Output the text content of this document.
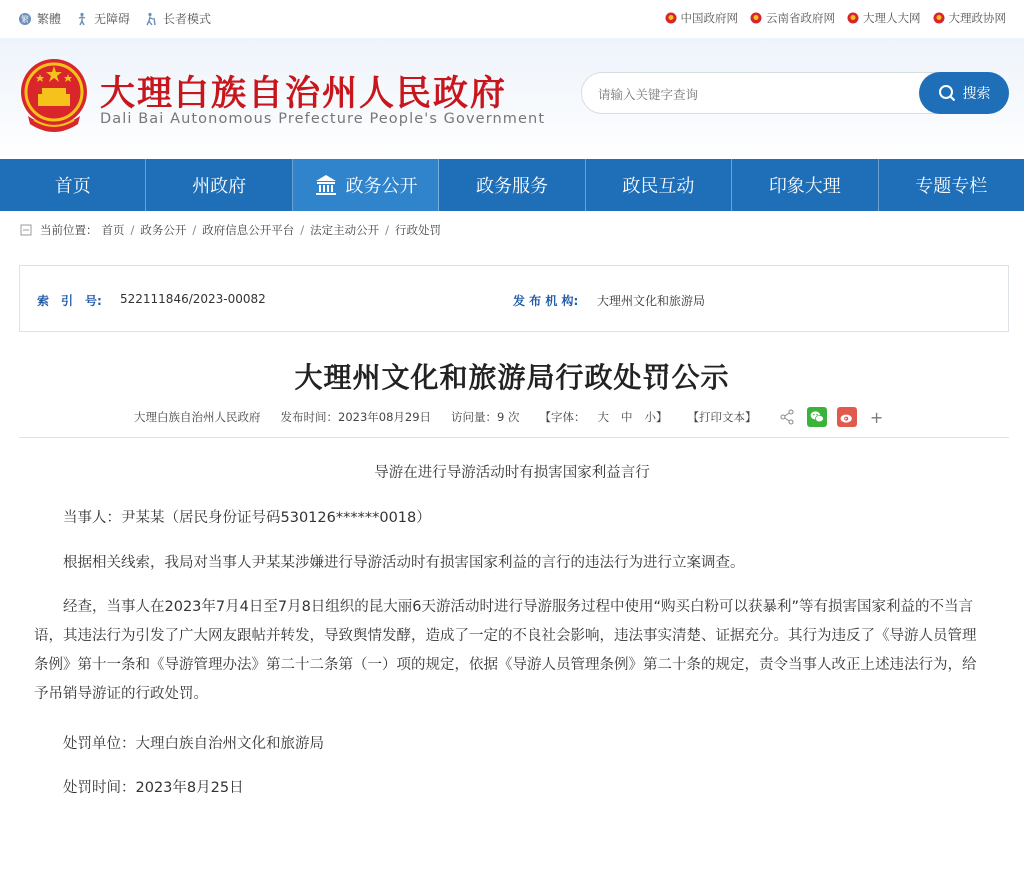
繁 繁體	无障碍	长者模式	中国政府网 云南省政府网 大理人大网 大理政协网
大理白族自治州人民政府
Dali Bai Autonomous Prefecture People's Government
请输入关键字查询
搜索
首页	州政府	政务公开	政务服务	政民互动	印象大理	专题专栏
当前位置： 首页 / 政务公开 / 政府信息公开平台 / 法定主动公开 / 行政处罚
索　引　号: 522111846/2023-00082	发 布 机 构: 大理州文化和旅游局
大理州文化和旅游局行政处罚公示
大理白族自治州人民政府 发布时间：2023年08月29日 访问量：9 次 【字体： 大 中 小】 【打印文本】	+
导游在进行导游活动时有损害国家利益言行
当事人：尹某某（居民身份证号码530126******0018）
根据相关线索，我局对当事人尹某某涉嫌进行导游活动时有损害国家利益的言行的违法行为进行立案调查。
经查，当事人在2023年7月4日至7月8日组织的昆大丽6天游活动时进行导游服务过程中使用“购买白粉可以获暴利”等有损害国家利益的不当言语，其违法行为引发了广大网友跟帖并转发，导致舆情发酵，造成了一定的不良社会影响，违法事实清楚、证据充分。其行为违反了《导游人员管理条例》第十一条和《导游管理办法》第二十二条第（一）项的规定，依据《导游人员管理条例》第二十条的规定，责令当事人改正上述违法行为，给予吊销导游证的行政处罚。
处罚单位：大理白族自治州文化和旅游局
处罚时间：2023年8月25日
